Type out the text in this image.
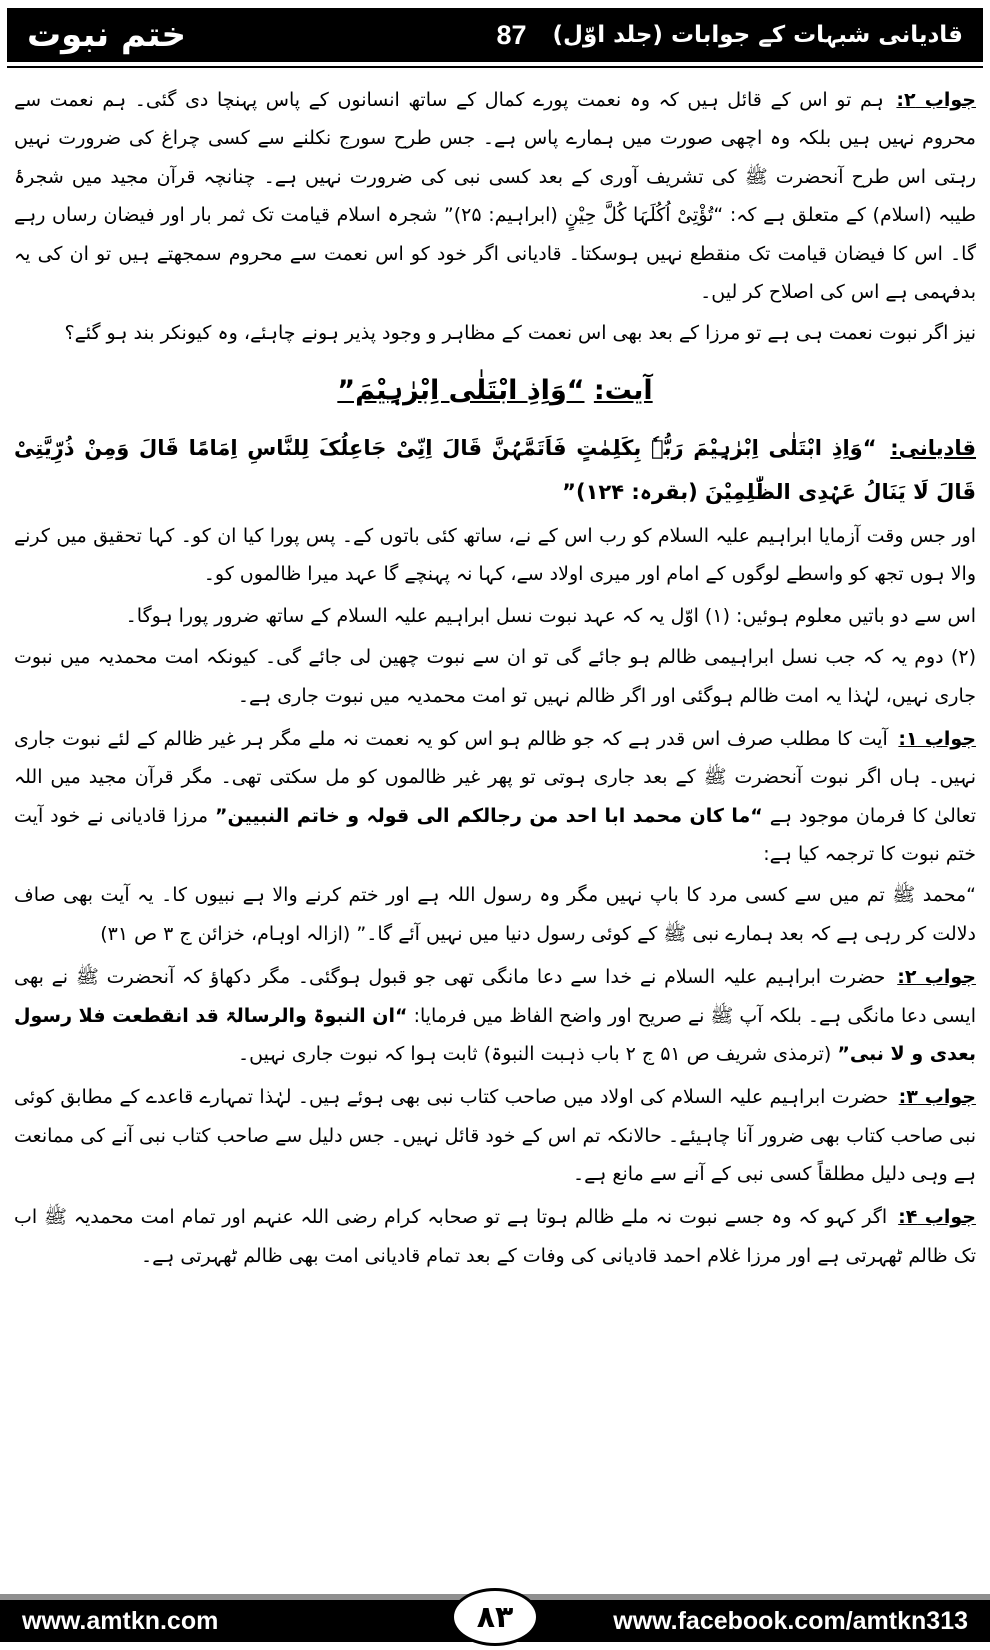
ختم نبوت	87 قادیانی شبہات کے جوابات (جلد اوّل)

جواب ۲: ہم تو اس کے قائل ہیں کہ وہ نعمت پورے کمال کے ساتھ انسانوں کے پاس پہنچا دی گئی۔ ہم نعمت سے محروم نہیں ہیں بلکہ وہ اچھی صورت میں ہمارے پاس ہے۔ جس طرح سورج نکلنے سے کسی چراغ کی ضرورت نہیں رہتی اس طرح آنحضرت ﷺ کی تشریف آوری کے بعد کسی نبی کی ضرورت نہیں ہے۔ چنانچہ قرآن مجید میں شجرۂ طیبہ (اسلام) کے متعلق ہے کہ: “تُؤْتِیْ اُکُلَہَا کُلَّ حِیْنٍ (ابراہیم: ۲۵)” شجرہ اسلام قیامت تک ثمر بار اور فیضان رساں رہے گا۔ اس کا فیضان قیامت تک منقطع نہیں ہوسکتا۔ قادیانی اگر خود کو اس نعمت سے محروم سمجھتے ہیں تو ان کی یہ بدفہمی ہے اس کی اصلاح کر لیں۔

نیز اگر نبوت نعمت ہی ہے تو مرزا کے بعد بھی اس نعمت کے مظاہر و وجود پذیر ہونے چاہئے، وہ کیونکر بند ہو گئے؟

آیت: “وَاِذِ ابْتَلٰی اِبْرٰہِیْمَ”

قادیانی: “وَاِذِ ابْتَلٰی اِبْرٰہِیْمَ رَبُّہٗ بِکَلِمٰتٍ فَاَتَمَّہُنَّ قَالَ اِنِّیْ جَاعِلُکَ لِلنَّاسِ اِمَامًا قَالَ وَمِنْ ذُرِّیَّتِیْ قَالَ لَا یَنَالُ عَہْدِی الظّٰلِمِیْنَ (بقرہ: ۱۲۴)”

اور جس وقت آزمایا ابراہیم علیہ السلام کو رب اس کے نے، ساتھ کئی باتوں کے۔ پس پورا کیا ان کو۔ کہا تحقیق میں کرنے والا ہوں تجھ کو واسطے لوگوں کے امام اور میری اولاد سے، کہا نہ پہنچے گا عہد میرا ظالموں کو۔

اس سے دو باتیں معلوم ہوئیں: (۱) اوّل یہ کہ عہد نبوت نسل ابراہیم علیہ السلام کے ساتھ ضرور پورا ہوگا۔

(۲) دوم یہ کہ جب نسل ابراہیمی ظالم ہو جائے گی تو ان سے نبوت چھین لی جائے گی۔ کیونکہ امت محمدیہ میں نبوت جاری نہیں، لہٰذا یہ امت ظالم ہوگئی اور اگر ظالم نہیں تو امت محمدیہ میں نبوت جاری ہے۔

جواب ۱: آیت کا مطلب صرف اس قدر ہے کہ جو ظالم ہو اس کو یہ نعمت نہ ملے مگر ہر غیر ظالم کے لئے نبوت جاری نہیں۔ ہاں اگر نبوت آنحضرت ﷺ کے بعد جاری ہوتی تو پھر غیر ظالموں کو مل سکتی تھی۔ مگر قرآن مجید میں اللہ تعالیٰ کا فرمان موجود ہے “ما کان محمد ابا احد من رجالکم الی قولہ و خاتم النبیین” مرزا قادیانی نے خود آیت ختم نبوت کا ترجمہ کیا ہے:

“محمد ﷺ تم میں سے کسی مرد کا باپ نہیں مگر وہ رسول اللہ ہے اور ختم کرنے والا ہے نبیوں کا۔ یہ آیت بھی صاف دلالت کر رہی ہے کہ بعد ہمارے نبی ﷺ کے کوئی رسول دنیا میں نہیں آئے گا۔” (ازالہ اوہام، خزائن ج ۳ ص ۳۱)

جواب ۲: حضرت ابراہیم علیہ السلام نے خدا سے دعا مانگی تھی جو قبول ہوگئی۔ مگر دکھاؤ کہ آنحضرت ﷺ نے بھی ایسی دعا مانگی ہے۔ بلکہ آپ ﷺ نے صریح اور واضح الفاظ میں فرمایا: “ان النبوۃ والرسالۃ قد انقطعت فلا رسول بعدی و لا نبی” (ترمذی شریف ص ۵۱ ج ۲ باب ذہبت النبوۃ) ثابت ہوا کہ نبوت جاری نہیں۔

جواب ۳: حضرت ابراہیم علیہ السلام کی اولاد میں صاحب کتاب نبی بھی ہوئے ہیں۔ لہٰذا تمہارے قاعدے کے مطابق کوئی نبی صاحب کتاب بھی ضرور آنا چاہیئے۔ حالانکہ تم اس کے خود قائل نہیں۔ جس دلیل سے صاحب کتاب نبی آنے کی ممانعت ہے وہی دلیل مطلقاً کسی نبی کے آنے سے مانع ہے۔

جواب ۴: اگر کہو کہ وہ جسے نبوت نہ ملے ظالم ہوتا ہے تو صحابہ کرام رضی اللہ عنہم اور تمام امت محمدیہ ﷺ اب تک ظالم ٹھہرتی ہے اور مرزا غلام احمد قادیانی کی وفات کے بعد تمام قادیانی امت بھی ظالم ٹھہرتی ہے۔

www.amtkn.com	www.facebook.com/amtkn313
۸۳
